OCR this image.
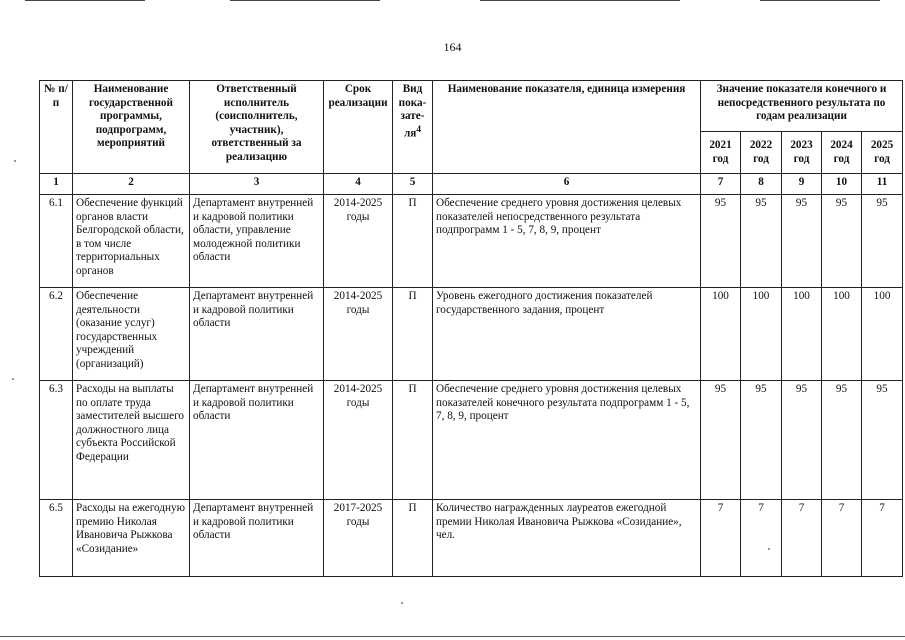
164
№ п/п	Наименование государственной программы, подпрограмм, мероприятий	Ответственный исполнитель (соисполнитель, участник), ответственный за реализацию	Срок реализации	Вид пока-$зате-ля^4$	Наименование показателя, единица измерения	Значение показателя конечного и непосредственного результата по годам реализации				
						2021 год	2022 год	2023 год	2024 год	2025 год
1	2	3	4	5	6	7	8	9	10	11
6.1	Обеспечение функций органов власти Белгородской области, в том числе территориальных органов	Департамент внутренней и кадровой политики области, управление молодежной политики области	2014-2025 годы	П	Обеспечение среднего уровня достижения целевых показателей непосредственного результата подпрограмм 1 - 5, 7, 8, 9, процент	95	95	95	95	95
6.2	Обеспечение деятельности (оказание услуг) государственных учреждений (организаций)	Департамент внутренней и кадровой политики области	2014-2025 годы	П	Уровень ежегодного достижения показателей государственного задания, процент	100	100	100	100	100
6.3	Расходы на выплаты по оплате труда заместителей высшего должностного лица субъекта Российской Федерации	Департамент внутренней и кадровой политики области	2014-2025 годы	П	Обеспечение среднего уровня достижения целевых показателей конечного результата подпрограмм 1 - 5, 7, 8, 9, процент	95	95	95	95	95
6.5	Расходы на ежегодную премию Николая Ивановича Рыжкова «Созидание»	Департамент внутренней и кадровой политики области	2017-2025 годы	П	Количество награжденных лауреатов ежегодной премии Николая Ивановича Рыжкова «Созидание», чел.	7	7	7	7	7
